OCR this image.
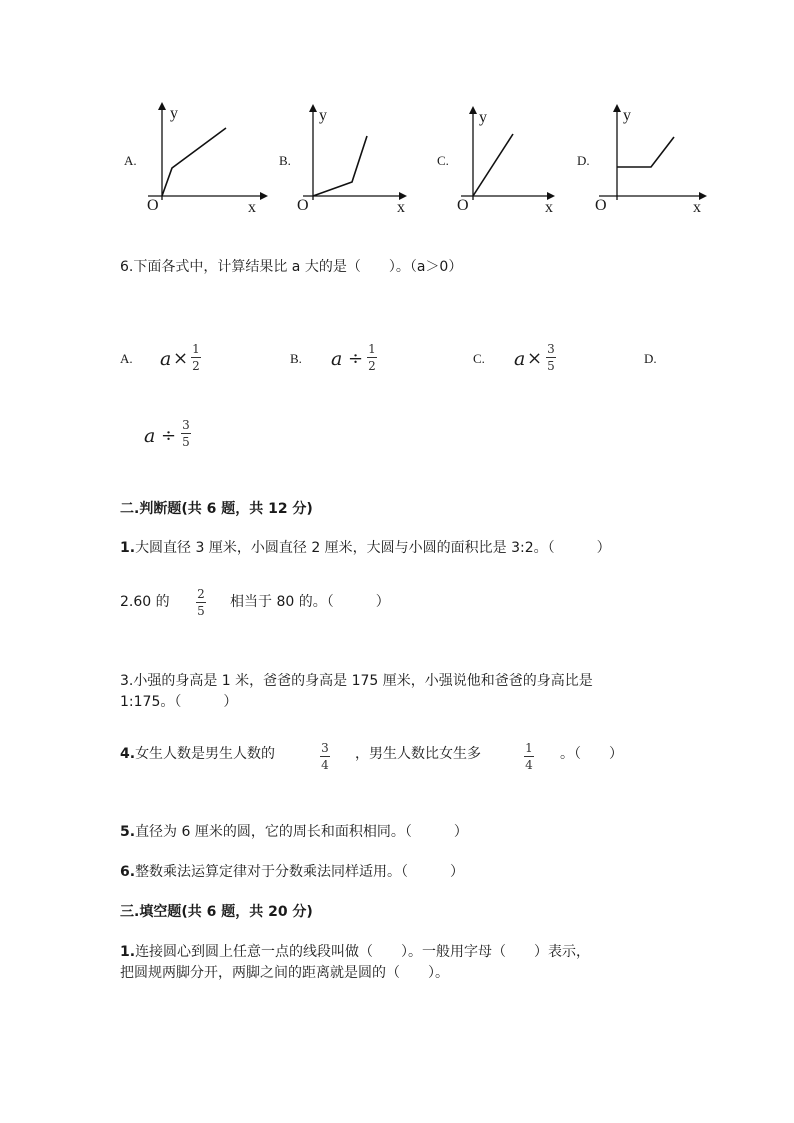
A.
O	x
y
B.
O	x
y
C.
O	x
y
D.
O	x
y
6.下面各式中，计算结果比 a 大的是（　　）。（a＞0）
A. a × 1
2	B. a ÷ 1
2	C. a × 3
5	D.
a ÷ 3
5
二.判断题(共 6 题，共 12 分)
1.大圆直径 3 厘米，小圆直径 2 厘米，大圆与小圆的面积比是 3:2。（　　　）
2.60 的 2
5
相当于 80 的。（　　　）
3.小强的身高是 1 米，爸爸的身高是 175 厘米，小强说他和爸爸的身高比是
1:175。（　　　）
4.女生人数是男生人数的	3
4
，男生人数比女生多	1
4
。（　　）
5.直径为 6 厘米的圆，它的周长和面积相同。（　　　）
6.整数乘法运算定律对于分数乘法同样适用。（　　　）
三.填空题(共 6 题，共 20 分)
1.连接圆心到圆上任意一点的线段叫做（　　）。一般用字母（　　）表示，
把圆规两脚分开，两脚之间的距离就是圆的（　　）。
